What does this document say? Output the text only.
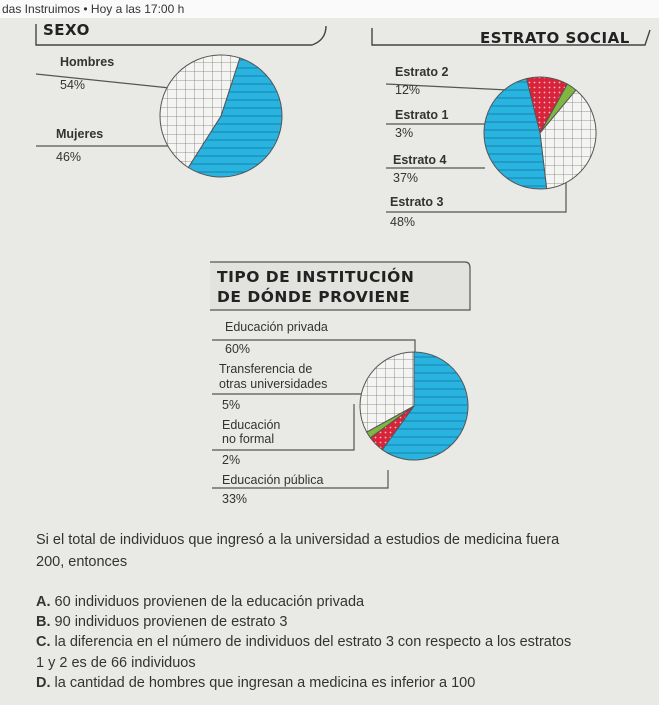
das Instruimos • Hoy a las 17:00 h
SEXO
Hombres
54%
Mujeres
46%
ESTRATO SOCIAL
Estrato 2
12%
Estrato 1
3%
Estrato 4
37%
Estrato 3
48%
TIPO DE INSTITUCIÓN
DE DÓNDE PROVIENE
Educación privada
60%
Transferencia de
otras universidades
5%
Educación
no formal
2%
Educación pública
33%
Si el total de individuos que ingresó a la universidad a estudios de medicina fuera
200, entonces
A. 60 individuos provienen de la educación privada
B. 90 individuos provienen de estrato 3
C. la diferencia en el número de individuos del estrato 3 con respecto a los estratos
1 y 2 es de 66 individuos
D. la cantidad de hombres que ingresan a medicina es inferior a 100
